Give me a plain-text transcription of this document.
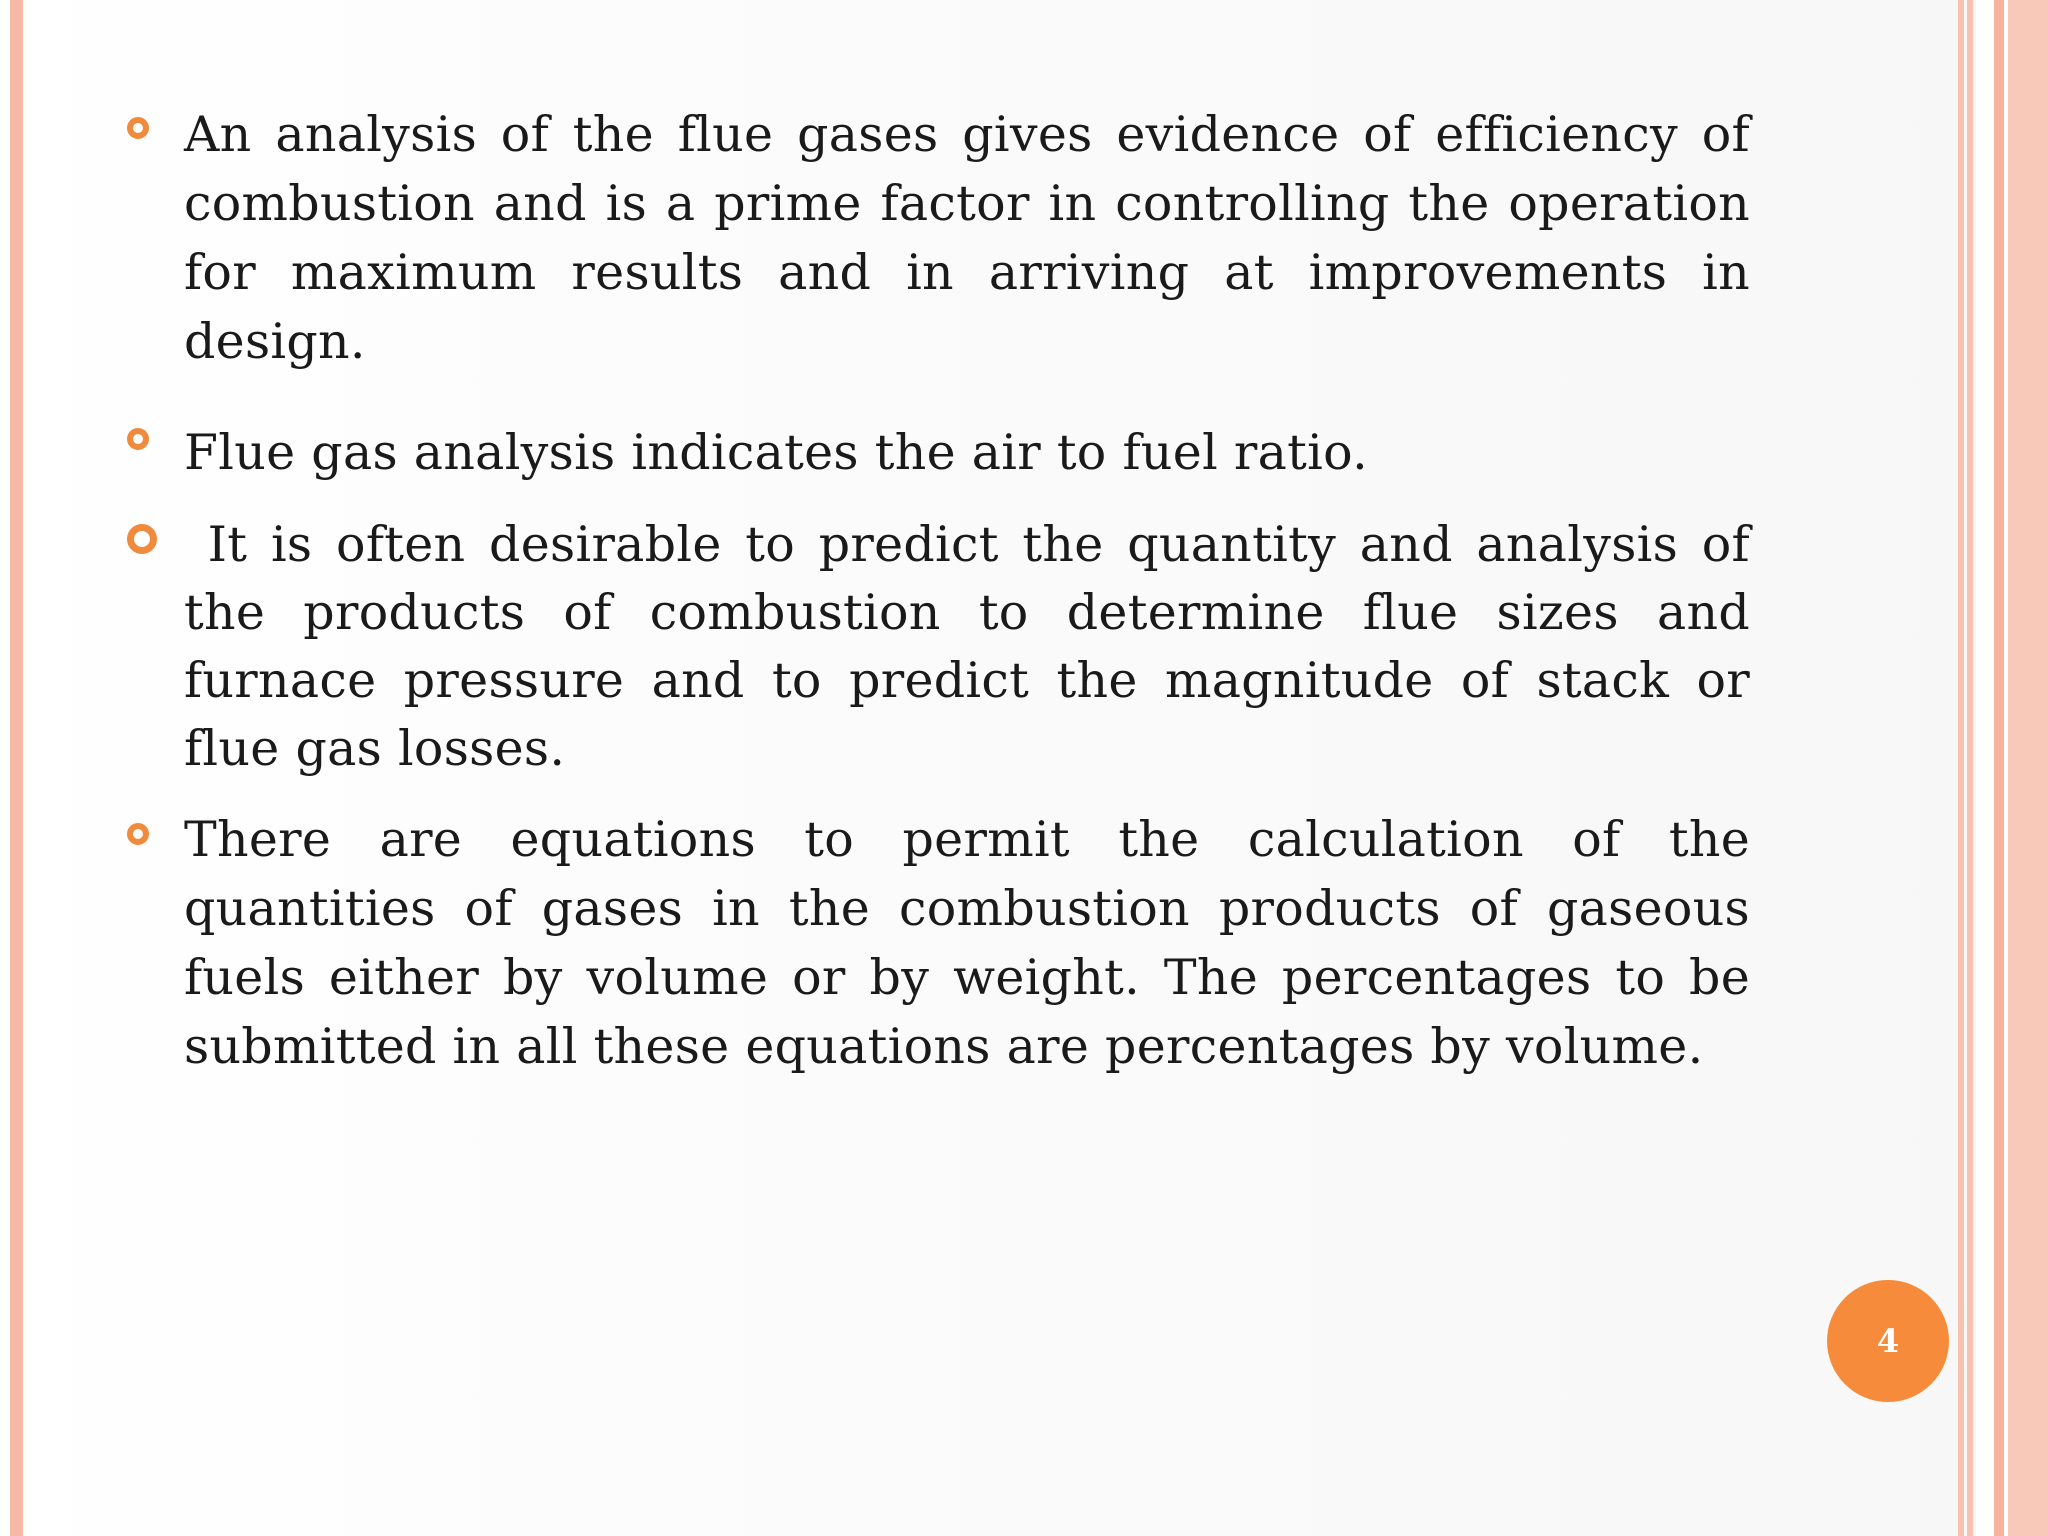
An analysis of the flue gases gives evidence of efficiency of combustion and is a prime factor in controlling the operation for maximum results and in arriving at improvements in design.
Flue gas analysis indicates the air to fuel ratio.
It is often desirable to predict the quantity and analysis of the products of combustion to determine flue sizes and furnace pressure and to predict the magnitude of stack or flue gas losses.
There are equations to permit the calculation of the quantities of gases in the combustion products of gaseous fuels either by volume or by weight. The percentages to be submitted in all these equations are percentages by volume.
4
